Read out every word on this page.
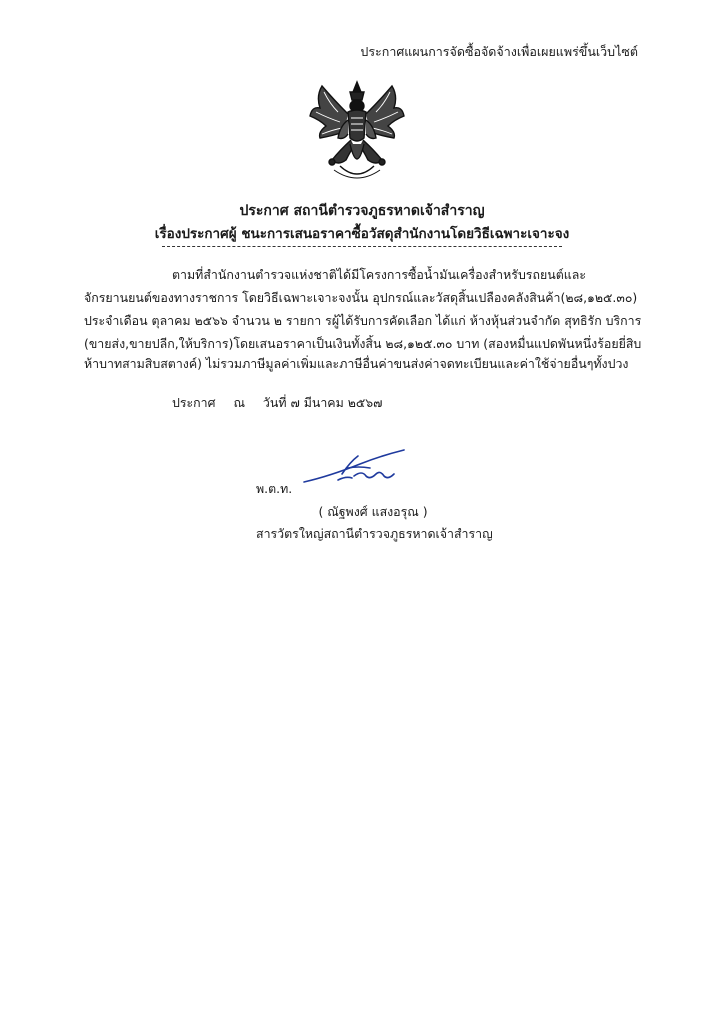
ประกาศแผนการจัดซื้อจัดจ้างเพื่อเผยแพร่ขึ้นเว็บไซต์
ประกาศ สถานีตำรวจภูธรหาดเจ้าสำราญ
เรื่องประกาศผู้ ชนะการเสนอราคาซื้อวัสดุสำนักงานโดยวิธีเฉพาะเจาะจง
ตามที่สำนักงานตำรวจแห่งชาติได้มีโครงการซื้อน้ำมันเครื่องสำหรับรถยนต์และ
จักรยานยนต์ของทางราชการ โดยวิธีเฉพาะเจาะจงนั้น อุปกรณ์และวัสดุสิ้นเปลืองคลังสินค้า(๒๘,๑๒๕.๓๐)
ประจำเดือน ตุลาคม ๒๕๖๖ จำนวน ๒ รายกา รผู้ได้รับการคัดเลือก ได้แก่ ห้างหุ้นส่วนจำกัด สุทธิรัก บริการ
(ขายส่ง,ขายปลีก,ให้บริการ)โดยเสนอราคาเป็นเงินทั้งสิ้น ๒๘,๑๒๕.๓๐ บาท (สองหมื่นแปดพันหนึ่งร้อยยี่สิบ
ห้าบาทสามสิบสตางค์) ไม่รวมภาษีมูลค่าเพิ่มและภาษีอื่นค่าขนส่งค่าจดทะเบียนและค่าใช้จ่ายอื่นๆทั้งปวง
ประกาศ ณ วันที่ ๗ มีนาคม ๒๕๖๗
พ.ต.ท.
( ณัฐพงศ์ แสงอรุณ )
สารวัตรใหญ่สถานีตำรวจภูธรหาดเจ้าสำราญ
